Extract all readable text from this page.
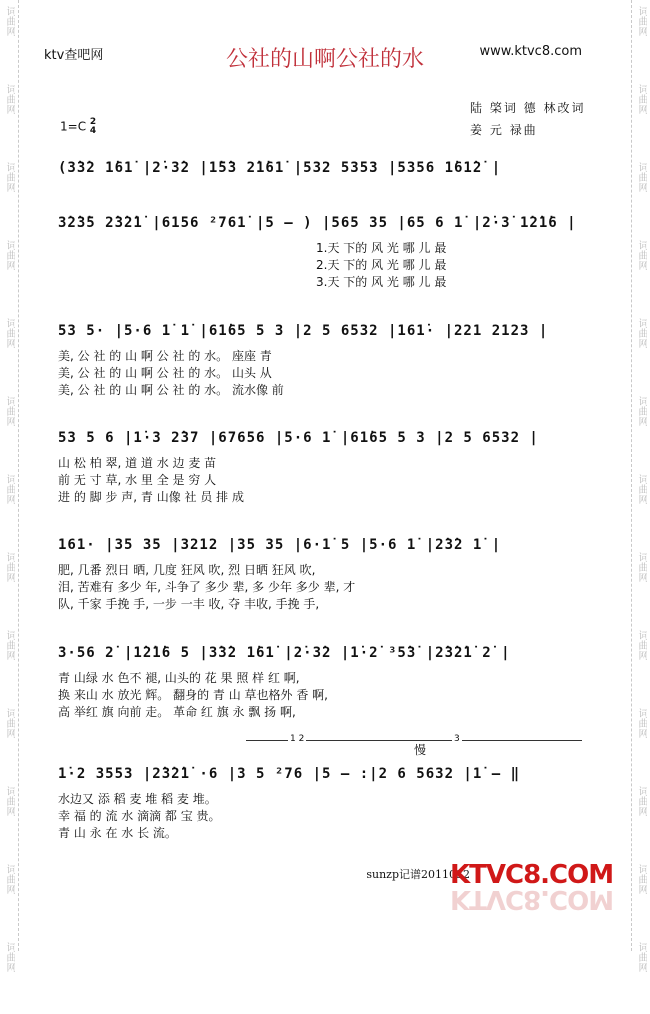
词曲网
词曲网
词曲网
词曲网
词曲网
词曲网
词曲网
词曲网
词曲网
词曲网
词曲网
词曲网
词曲网
词曲网
词曲网
词曲网
词曲网
词曲网
词曲网
词曲网
词曲网
词曲网
词曲网
词曲网
词曲网
词曲网
ktv查吧网	公社的山啊公社的水	www.ktvc8.com
陆 棨词 德 林改词
姜 元 禄曲
1=C 2
4
(3̇3̇2 1̇61̇ |2̇·3̇2 |1̇5̇3 2̇1̇61̇ |532 5353 |5356 1̇61̇2̇ |
3̇2̇3̇5 2̇3̇2̇1̇ |6156 ²761̇ |5 – ) |565 35 |65 6 1̇ |2̇·3̇ 1̇2̇1̇6 |
1.天 下的 风 光 哪 儿 最
2.天 下的 风 光 哪 儿 最
3.天 下的 风 光 哪 儿 最
53 5· |5·6 1̇ 1̇ |61̇65 5 3 |2 5 6532 |161̇· |221 2123 |
美, 公 社 的 山 啊 公 社 的 水。 座座 青
美, 公 社 的 山 啊 公 社 的 水。 山头 从
美, 公 社 的 山 啊 公 社 的 水。 流水像 前
53 5 6 |1̇·3 2̇37 |67656 |5·6 1̇ |61̇65 5 3 |2 5 6532 |
山 松 柏 翠, 道 道 水 边 麦 苗
前 无 寸 草, 水 里 全 是 穷 人
进 的 脚 步 声, 青 山像 社 员 排 成
161· |35 35 |3212 |35 35 |6·1̇ 5 |5·6 1̇ |2̇3̇2 1̇ |
肥, 几番 烈日 晒, 几度 狂风 吹, 烈 日晒 狂风 吹,
泪, 苦难有 多少 年, 斗争了 多少 辈, 多 少年 多少 辈, 才
队, 千家 手挽 手, 一步 一丰 收, 夺 丰收, 手挽 手,
3·56 2̇ |1̇2̇1̇6 5 |3̇3̇2 1̇61̇ |2̇·3̇2 |1̇·2̇ ³5̇3̇ |2̇3̇2̇1̇ 2̇ |
青 山绿 水 色不 褪, 山头的 花 果 照 样 红 啊,
换 来山 水 放光 辉。 翻身的 青 山 草也格外 香 啊,
高 举红 旗 向前 走。 革命 红 旗 永 飘 扬 啊,
1 2	3
慢
1̇·2 3553 |2̇3̇2̇1̇ ·6 |3 5 ²76 |5 – :|2 6 5632 |1̇ – ‖
水边又 添 稻 麦 堆 稻 麦 堆。
幸 福 的 流 水 滴滴 都 宝 贵。
青 山 永 在 水 长 流。
sunzp记谱2011032
KTVC8.COM
KTVC8.COM
